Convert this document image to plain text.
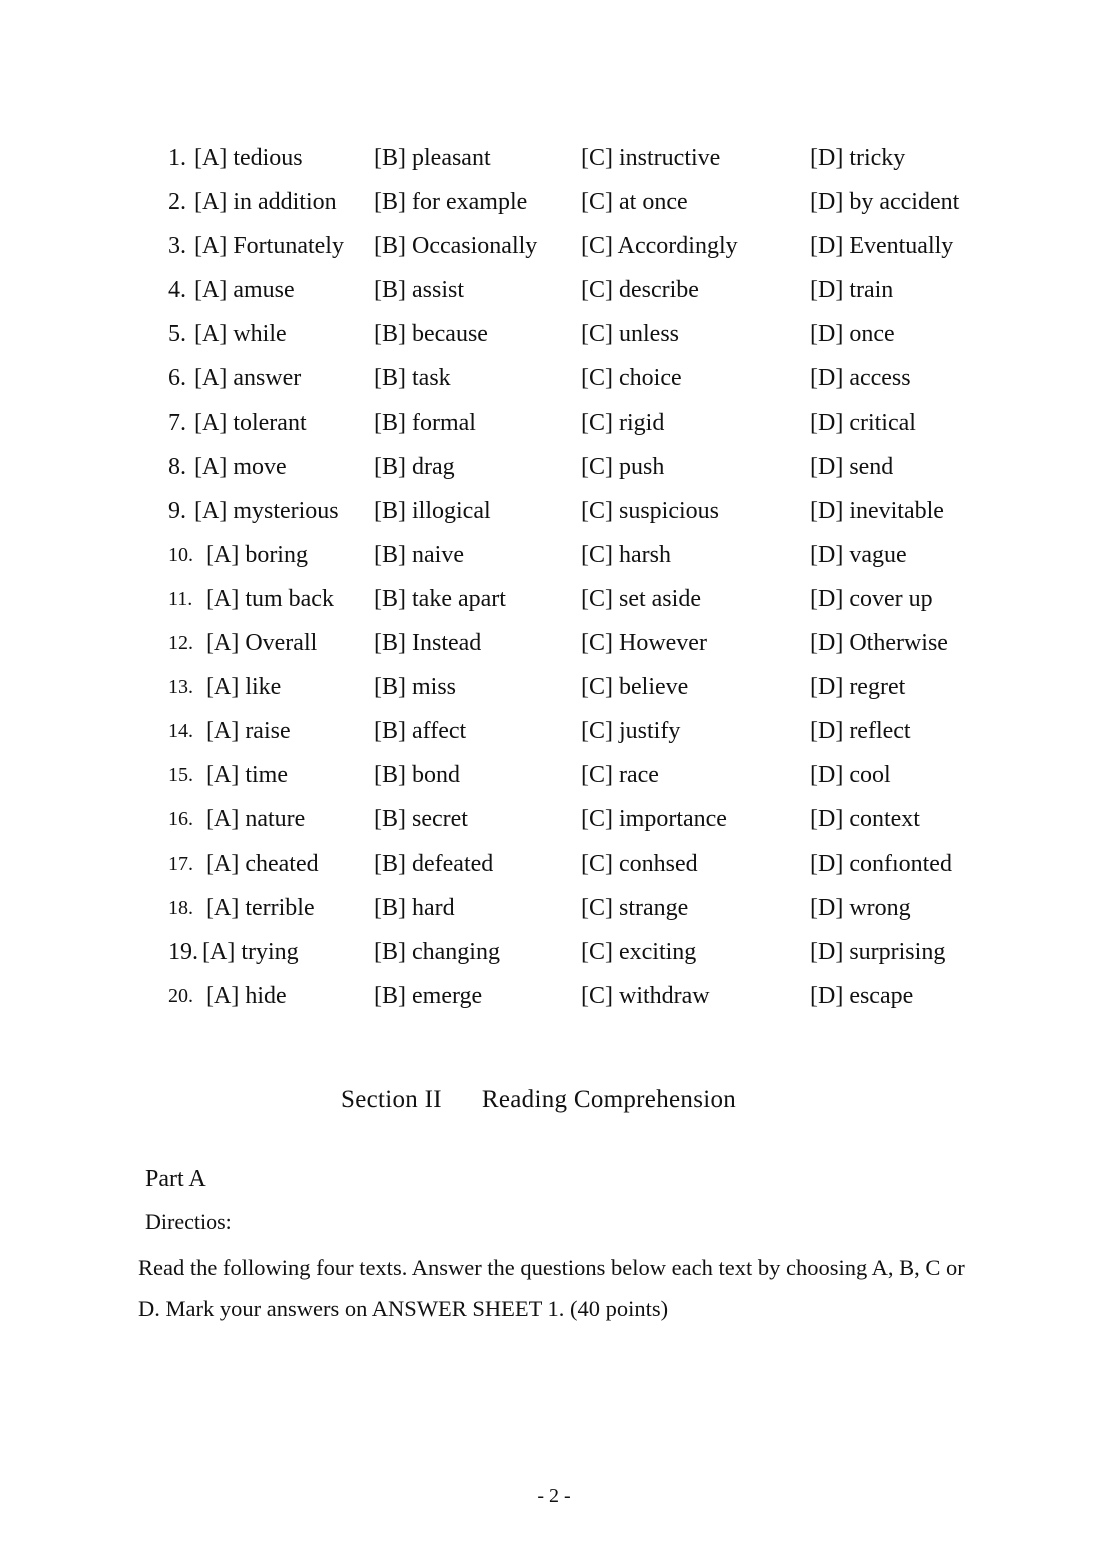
1. [A] tedious	[B] pleasant	[C] instructive	[D] tricky
2. [A] in addition [B] for example [C] at once	[D] by accident
3. [A] Fortunately [B] Occasionally [C] Accordingly	[D] Eventually
4. [A] amuse	[B] assist	[C] describe	[D] train
5. [A] while	[B] because	[C] unless	[D] once
6. [A] answer	[B] task	[C] choice	[D] access
7. [A] tolerant	[B] formal	[C] rigid	[D] critical
8. [A] move	[B] drag	[C] push	[D] send
9. [A] mysterious [B] illogical	[C] suspicious	[D] inevitable
10. [A] boring	[B] naive	[C] harsh	[D] vague
11. [A] tum back [B] take apart	[C] set aside	[D] cover up
12. [A] Overall [B] Instead	[C] However	[D] Otherwise
13. [A] like	[B] miss	[C] believe	[D] regret
14. [A] raise	[B] affect	[C] justify	[D] reflect
15. [A] time	[B] bond	[C] race	[D] cool
16. [A] nature	[B] secret	[C] importance	[D] context
17. [A] cheated [B] defeated	[C] conhsed	[D] confıonted
18. [A] terrible [B] hard	[C] strange	[D] wrong
19. [A] trying	[B] changing	[C] exciting	[D] surprising
20. [A] hide	[B] emerge	[C] withdraw	[D] escape
Section II Reading Comprehension
Part A
Directios:
Read the following four texts. Answer the questions below each text by choosing A, B, C or D. Mark your answers on ANSWER SHEET 1. (40 points)
- 2 -
